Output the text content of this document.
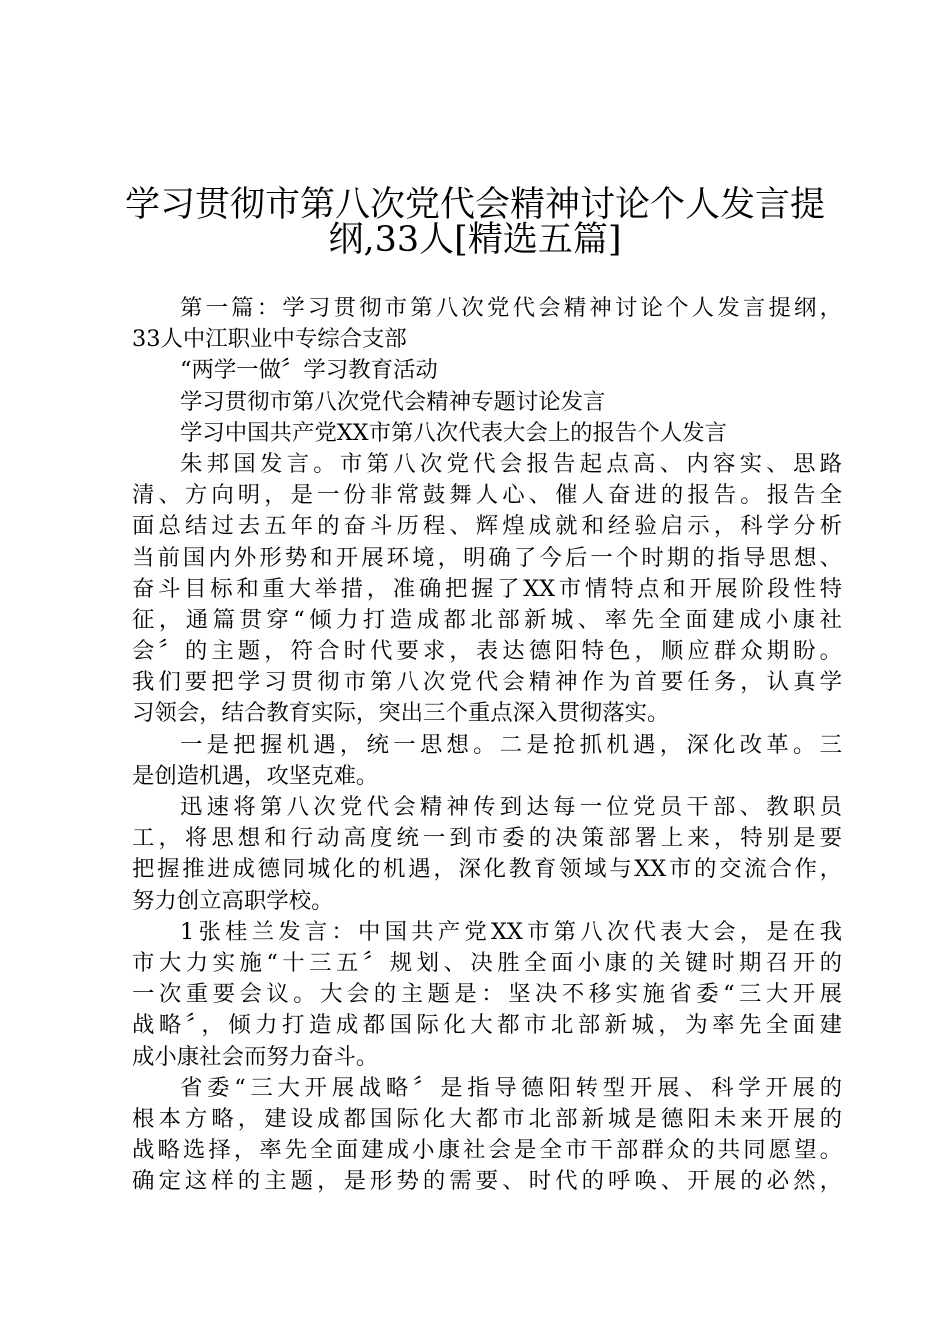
学习贯彻市第八次党代会精神讨论个人发言提
纲,33人[精选五篇]
第一篇：学习贯彻市第八次党代会精神讨论个人发言提纲，
33人中江职业中专综合支部
“两学一做〞学习教育活动
学习贯彻市第八次党代会精神专题讨论发言
学习中国共产党XX市第八次代表大会上的报告个人发言
朱邦国发言。市第八次党代会报告起点高、内容实、思路
清、方向明，是一份非常鼓舞人心、催人奋进的报告。报告全
面总结过去五年的奋斗历程、辉煌成就和经验启示，科学分析
当前国内外形势和开展环境，明确了今后一个时期的指导思想、
奋斗目标和重大举措，准确把握了XX市情特点和开展阶段性特
征，通篇贯穿“倾力打造成都北部新城、率先全面建成小康社
会〞的主题，符合时代要求，表达德阳特色，顺应群众期盼。
我们要把学习贯彻市第八次党代会精神作为首要任务，认真学
习领会，结合教育实际，突出三个重点深入贯彻落实。
一是把握机遇，统一思想。二是抢抓机遇，深化改革。三
是创造机遇，攻坚克难。
迅速将第八次党代会精神传到达每一位党员干部、教职员
工，将思想和行动高度统一到市委的决策部署上来，特别是要
把握推进成德同城化的机遇，深化教育领域与XX市的交流合作，
努力创立高职学校。
1张桂兰发言：中国共产党XX市第八次代表大会，是在我
市大力实施“十三五〞规划、决胜全面小康的关键时期召开的
一次重要会议。大会的主题是：坚决不移实施省委“三大开展
战略〞，倾力打造成都国际化大都市北部新城，为率先全面建
成小康社会而努力奋斗。
省委“三大开展战略〞是指导德阳转型开展、科学开展的
根本方略，建设成都国际化大都市北部新城是德阳未来开展的
战略选择，率先全面建成小康社会是全市干部群众的共同愿望。
确定这样的主题，是形势的需要、时代的呼唤、开展的必然，
